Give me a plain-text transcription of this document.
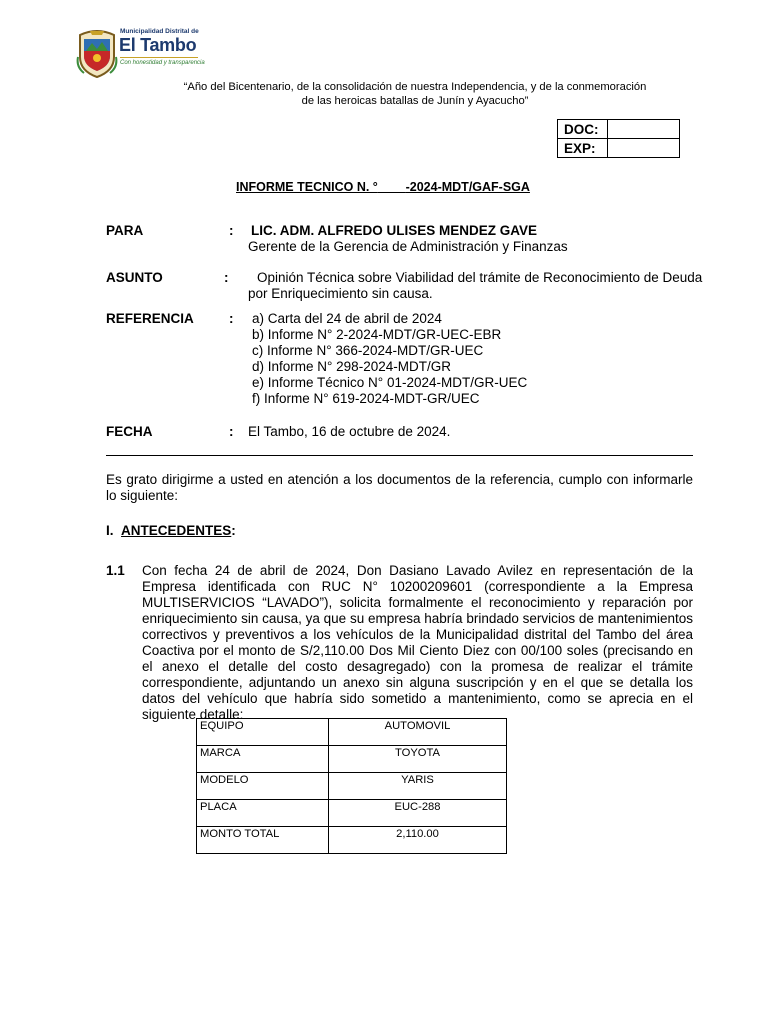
Municipalidad Distrital de
El Tambo
Con honestidad y transparencia
“Año del Bicentenario, de la consolidación de nuestra Independencia, y de la conmemoración de las heroicas batallas de Junín y Ayacucho”
DOC:	
EXP:	
INFORME TECNICO N. ° -2024-MDT/GAF-SGA
PARA	: LIC. ADM. ALFREDO ULISES MENDEZ GAVE
Gerente de la Gerencia de Administración y Finanzas
ASUNTO	: Opinión Técnica sobre Viabilidad del trámite de Reconocimiento de Deuda
por Enriquecimiento sin causa.
REFERENCIA	: a) Carta del 24 de abril de 2024
b) Informe N° 2-2024-MDT/GR-UEC-EBR
c) Informe N° 366-2024-MDT/GR-UEC
d) Informe N° 298-2024-MDT/GR
e) Informe Técnico N° 01-2024-MDT/GR-UEC
f) Informe N° 619-2024-MDT-GR/UEC
FECHA	: El Tambo, 16 de octubre de 2024.
Es grato dirigirme a usted en atención a los documentos de la referencia, cumplo con informarle lo siguiente:
I. ANTECEDENTES:
1.1 Con fecha 24 de abril de 2024, Don Dasiano Lavado Avilez en representación de la Empresa identificada con RUC N° 10200209601 (correspondiente a la Empresa MULTISERVICIOS “LAVADO”), solicita formalmente el reconocimiento y reparación por enriquecimiento sin causa, ya que su empresa habría brindado servicios de mantenimientos correctivos y preventivos a los vehículos de la Municipalidad distrital del Tambo del área Coactiva por el monto de S/2,110.00 Dos Mil Ciento Diez con 00/100 soles (precisando en el anexo el detalle del costo desagregado) con la promesa de realizar el trámite correspondiente, adjuntando un anexo sin alguna suscripción y en el que se detalla los datos del vehículo que habría sido sometido a mantenimiento, como se aprecia en el siguiente detalle:
EQUIPO	AUTOMOVIL
MARCA	TOYOTA
MODELO	YARIS
PLACA	EUC-288
MONTO TOTAL	2,110.00
